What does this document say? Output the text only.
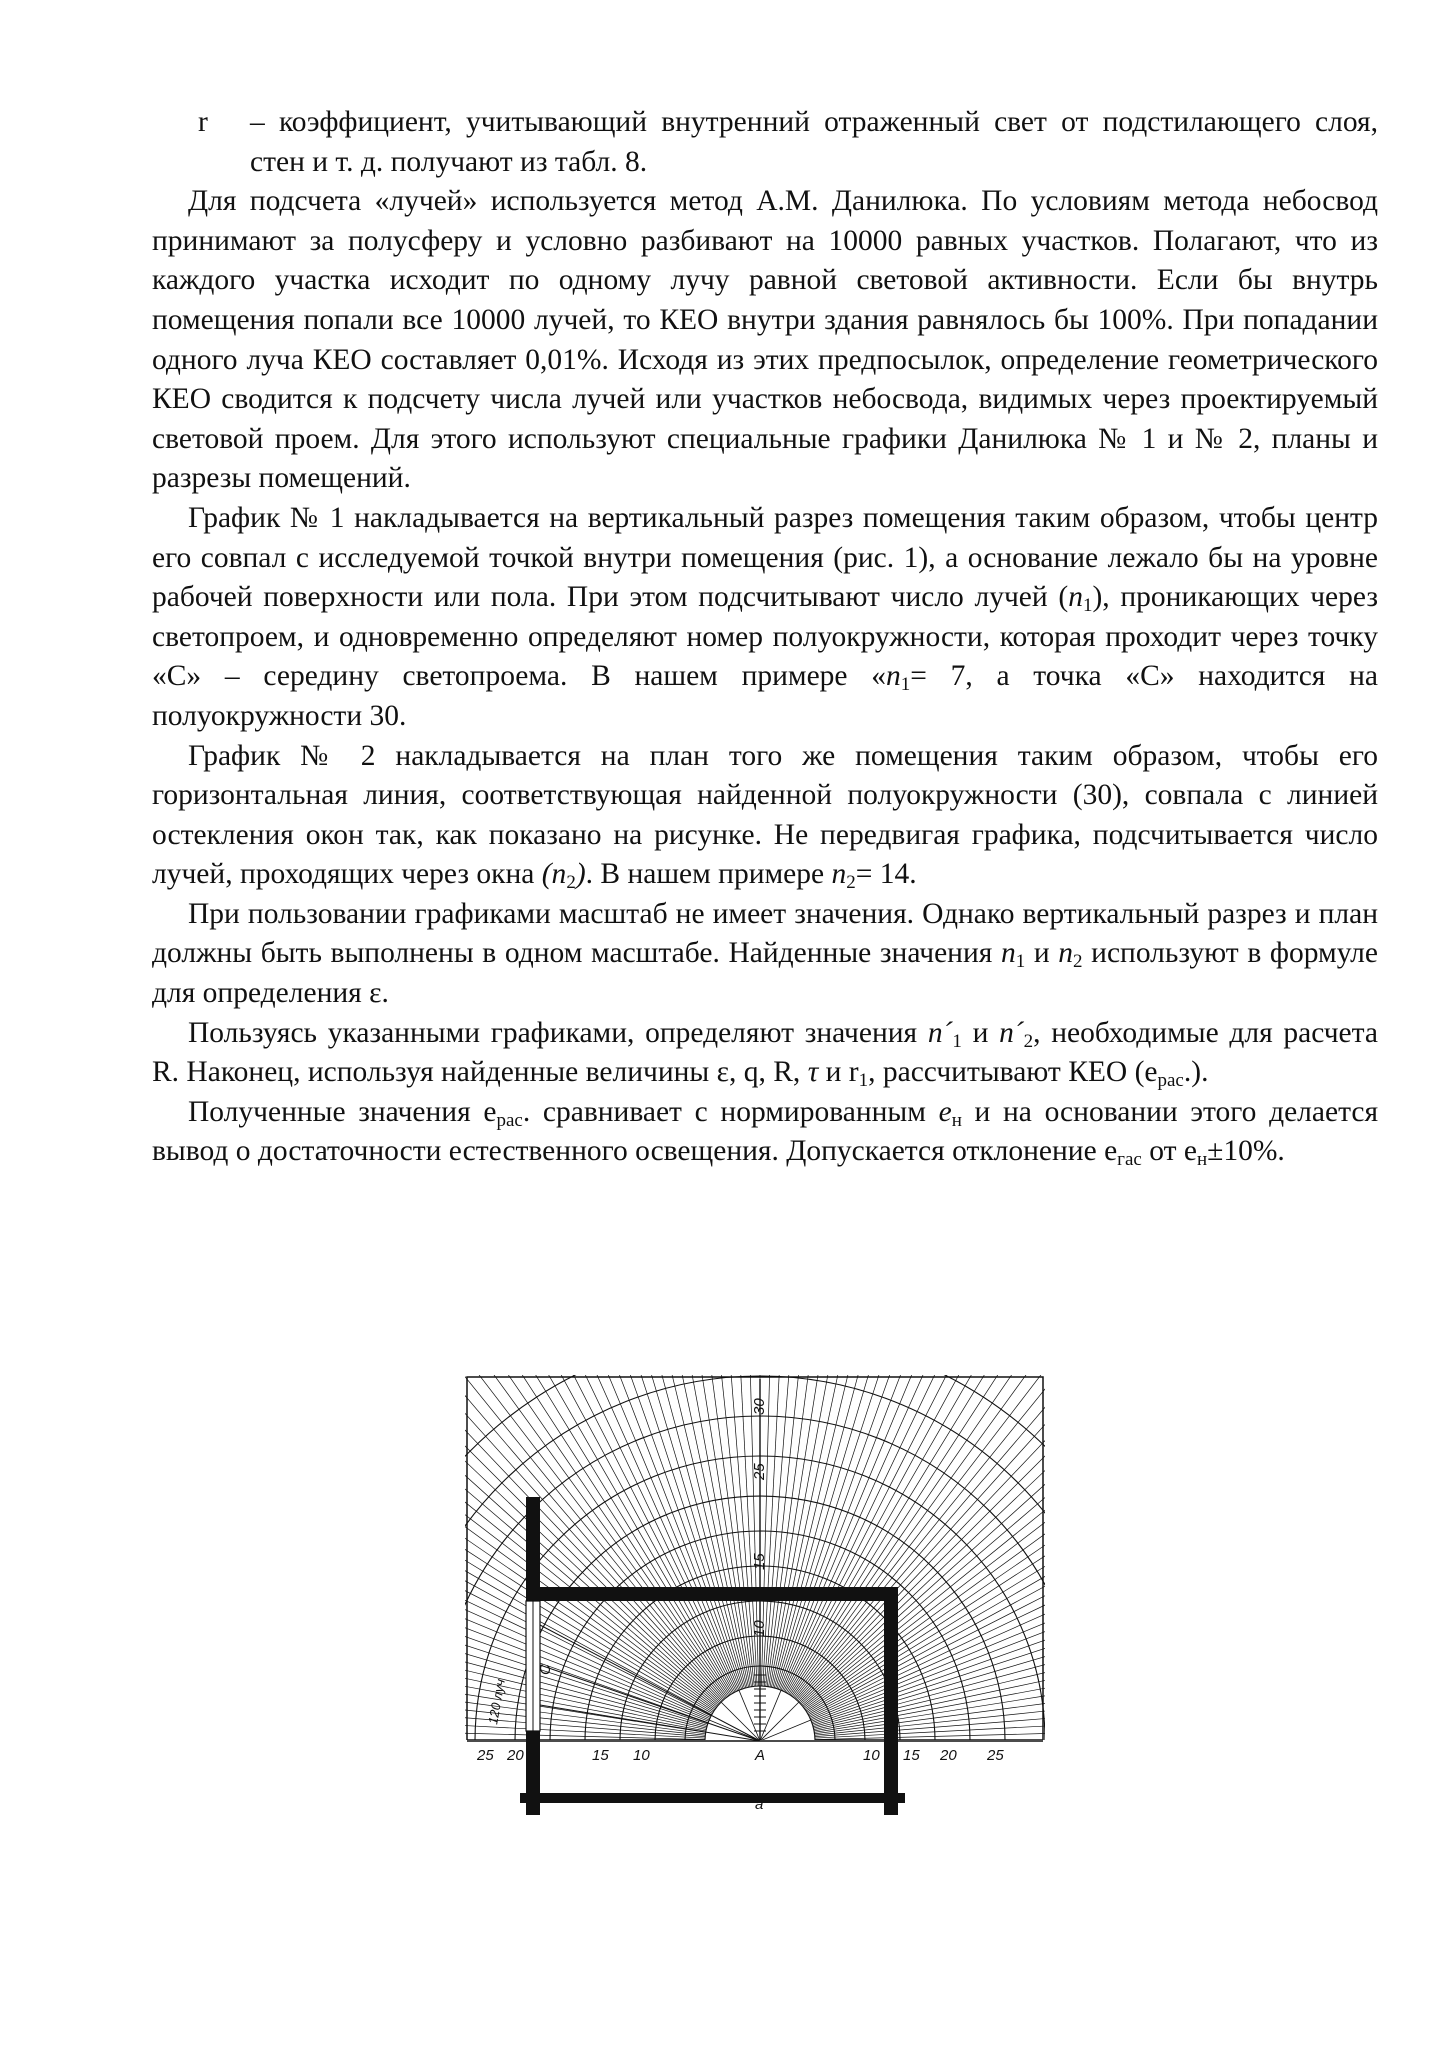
r	– коэффициент, учитывающий внутренний отраженный свет от подстилающего слоя, стен и т. д. получают из табл. 8.

Для подсчета «лучей» используется метод А.М. Данилюка. По условиям метода небосвод принимают за полусферу и условно разбивают на 10000 равных участков. Полагают, что из каждого участка исходит по одному лучу равной световой активности. Если бы внутрь помещения попали все 10000 лучей, то КЕО внутри здания равнялось бы 100%. При попадании одного луча КЕО составляет 0,01%. Исходя из этих предпосылок, определение геометрического КЕО сводится к подсчету числа лучей или участков небосвода, видимых через проектируемый световой проем. Для этого используют специальные графики Данилюка № 1 и № 2, планы и разрезы помещений.

График № 1 накладывается на вертикальный разрез помещения таким образом, чтобы центр его совпал с исследуемой точкой внутри помещения (рис. 1), а основание лежало бы на уровне рабочей поверхности или пола. При этом подсчитывают число лучей $(n_1)$, проникающих через светопроем, и одновременно определяют номер полуокружности, которая проходит через точку «С» – середину светопроема. В нашем примере «$n_1= 7$, а точка «С» находится на полуокружности 30.

График № 2 накладывается на план того же помещения таким образом, чтобы его горизонтальная линия, соответствующая найденной полуокружности (30), совпала с линией остекления окон так, как показано на рисунке. Не передвигая графика, подсчитывается число лучей, проходящих через окна $(n_2)$. В нашем примере $n_2= 14$.

При пользовании графиками масштаб не имеет значения. Однако вертикальный разрез и план должны быть выполнены в одном масштабе. Найденные значения $n_1$ и $n_2$ используют в формуле для определения ε.

Пользуясь указанными графиками, определяют значения $n´_1$ и $n´_2$, необходимые для расчета R. Наконец, используя найденные величины ε, q, R, τ и $r_1$, рассчитывают КЕО $(e_{рас}.)$.

Полученные значения $e_{рас}$. сравнивает с нормированным $e_н$ и на основании этого делается вывод о достаточности естественного освещения. Допускается отклонение $e_{гас}$ от $e_н\pm 10\%$.

25 20	15 10	A	10 15 20 25
10
15
25
30
120 луч
C
a
